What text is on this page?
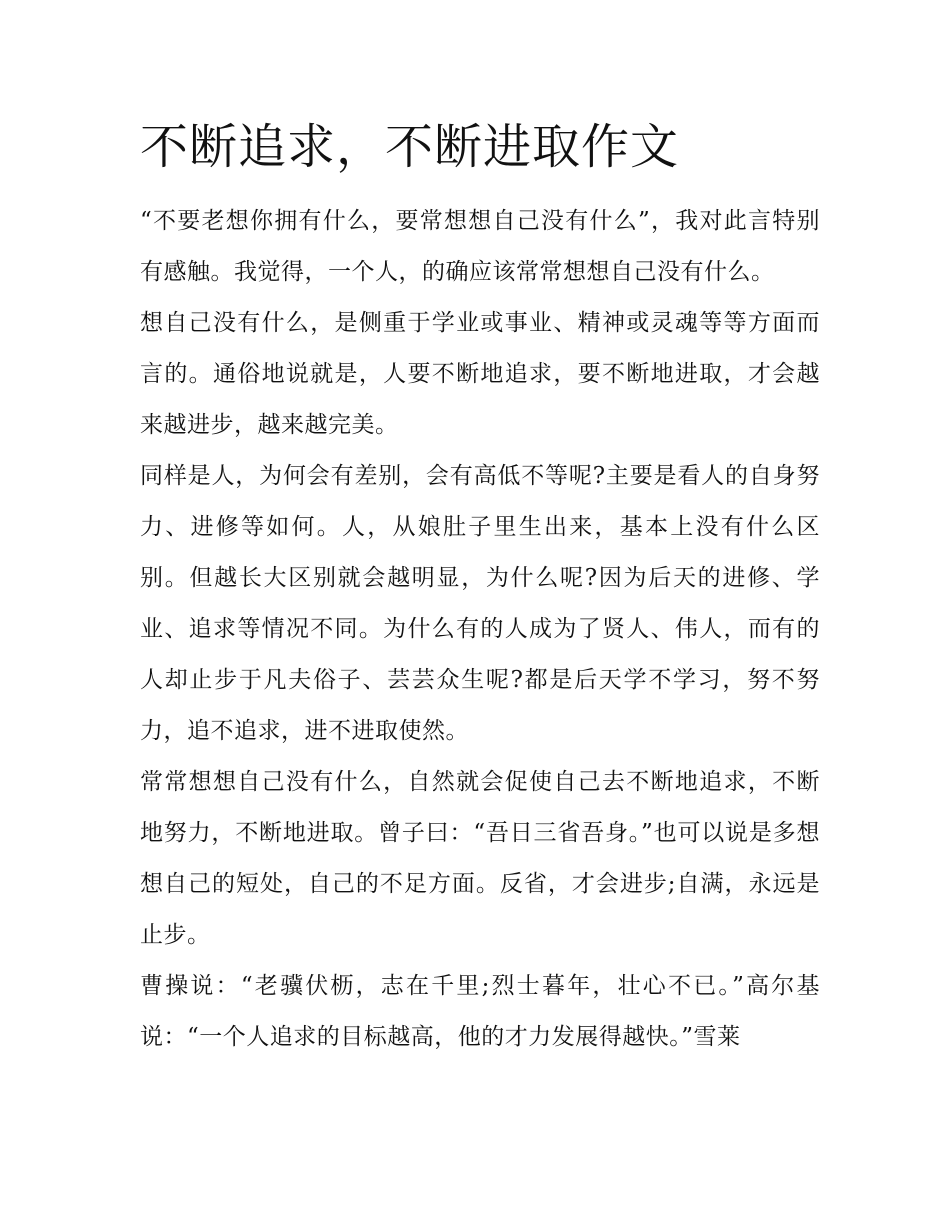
不断追求，不断进取作文

“不要老想你拥有什么，要常想想自己没有什么”，我对此言特别有感触。我觉得，一个人，的确应该常常想想自己没有什么。

想自己没有什么，是侧重于学业或事业、精神或灵魂等等方面而言的。通俗地说就是，人要不断地追求，要不断地进取，才会越来越进步，越来越完美。

同样是人，为何会有差别，会有高低不等呢?主要是看人的自身努力、进修等如何。人，从娘肚子里生出来，基本上没有什么区别。但越长大区别就会越明显，为什么呢?因为后天的进修、学业、追求等情况不同。为什么有的人成为了贤人、伟人，而有的人却止步于凡夫俗子、芸芸众生呢?都是后天学不学习，努不努力，追不追求，进不进取使然。

常常想想自己没有什么，自然就会促使自己去不断地追求，不断地努力，不断地进取。曾子曰：“吾日三省吾身。”也可以说是多想想自己的短处，自己的不足方面。反省，才会进步;自满，永远是止步。

曹操说：“老骥伏枥，志在千里;烈士暮年，壮心不已。”高尔基说：“一个人追求的目标越高，他的才力发展得越快。”雪莱
